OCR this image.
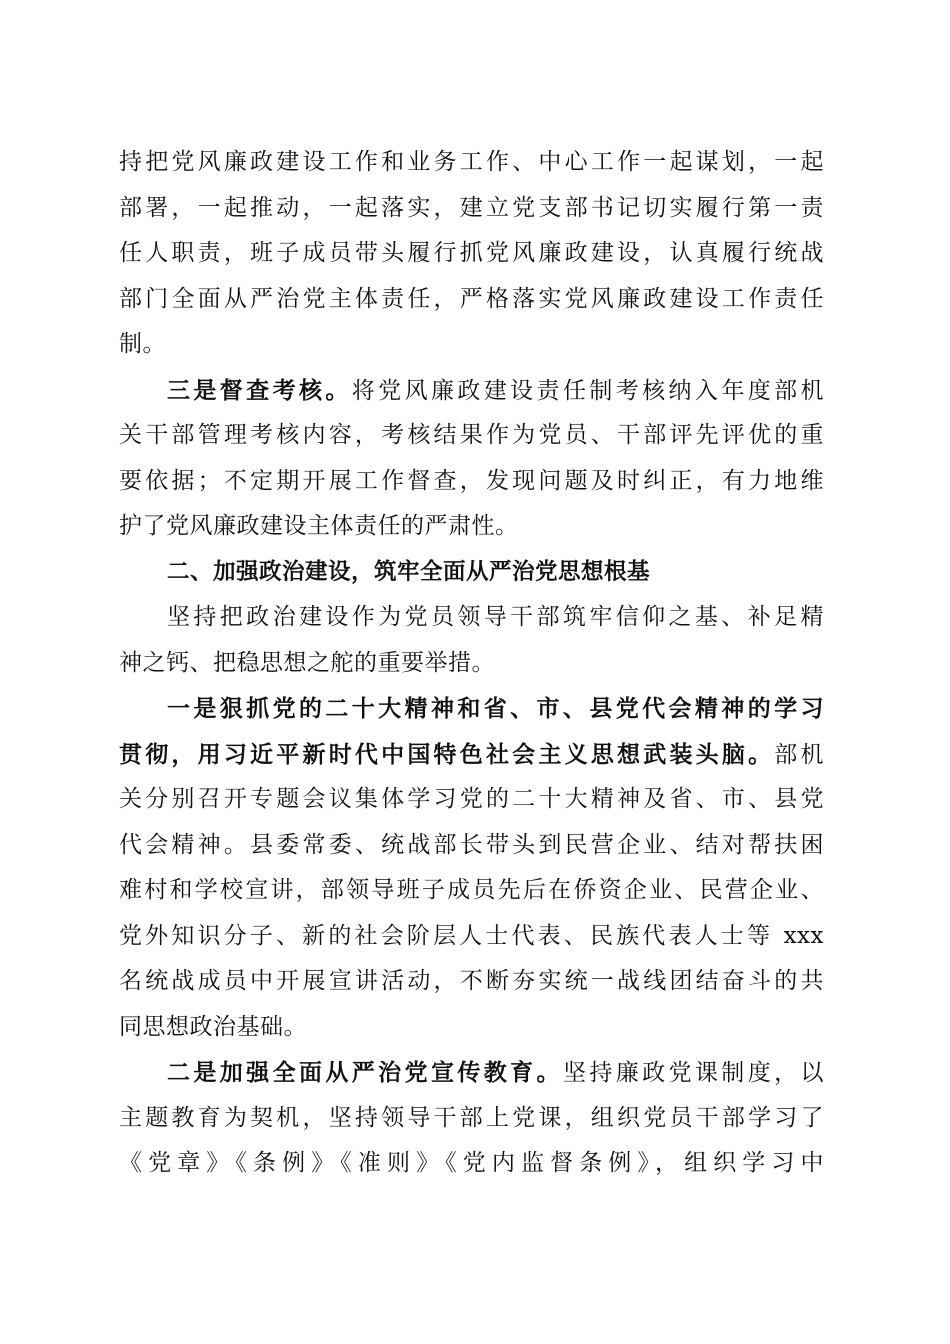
持把党风廉政建设工作和业务工作、中心工作一起谋划，一起
部署，一起推动，一起落实，建立党支部书记切实履行第一责
任人职责，班子成员带头履行抓党风廉政建设，认真履行统战
部门全面从严治党主体责任，严格落实党风廉政建设工作责任
制。
三是督查考核。将党风廉政建设责任制考核纳入年度部机
关干部管理考核内容，考核结果作为党员、干部评先评优的重
要依据；不定期开展工作督查，发现问题及时纠正，有力地维
护了党风廉政建设主体责任的严肃性。
二、加强政治建设，筑牢全面从严治党思想根基
坚持把政治建设作为党员领导干部筑牢信仰之基、补足精
神之钙、把稳思想之舵的重要举措。
一是狠抓党的二十大精神和省、市、县党代会精神的学习
贯彻，用习近平新时代中国特色社会主义思想武装头脑。部机
关分别召开专题会议集体学习党的二十大精神及省、市、县党
代会精神。县委常委、统战部长带头到民营企业、结对帮扶困
难村和学校宣讲，部领导班子成员先后在侨资企业、民营企业、
党外知识分子、新的社会阶层人士代表、民族代表人士等 xxx
名统战成员中开展宣讲活动，不断夯实统一战线团结奋斗的共
同思想政治基础。
二是加强全面从严治党宣传教育。坚持廉政党课制度，以
主题教育为契机，坚持领导干部上党课，组织党员干部学习了
《党章》《条例》《准则》《党内监督条例》，组织学习中
